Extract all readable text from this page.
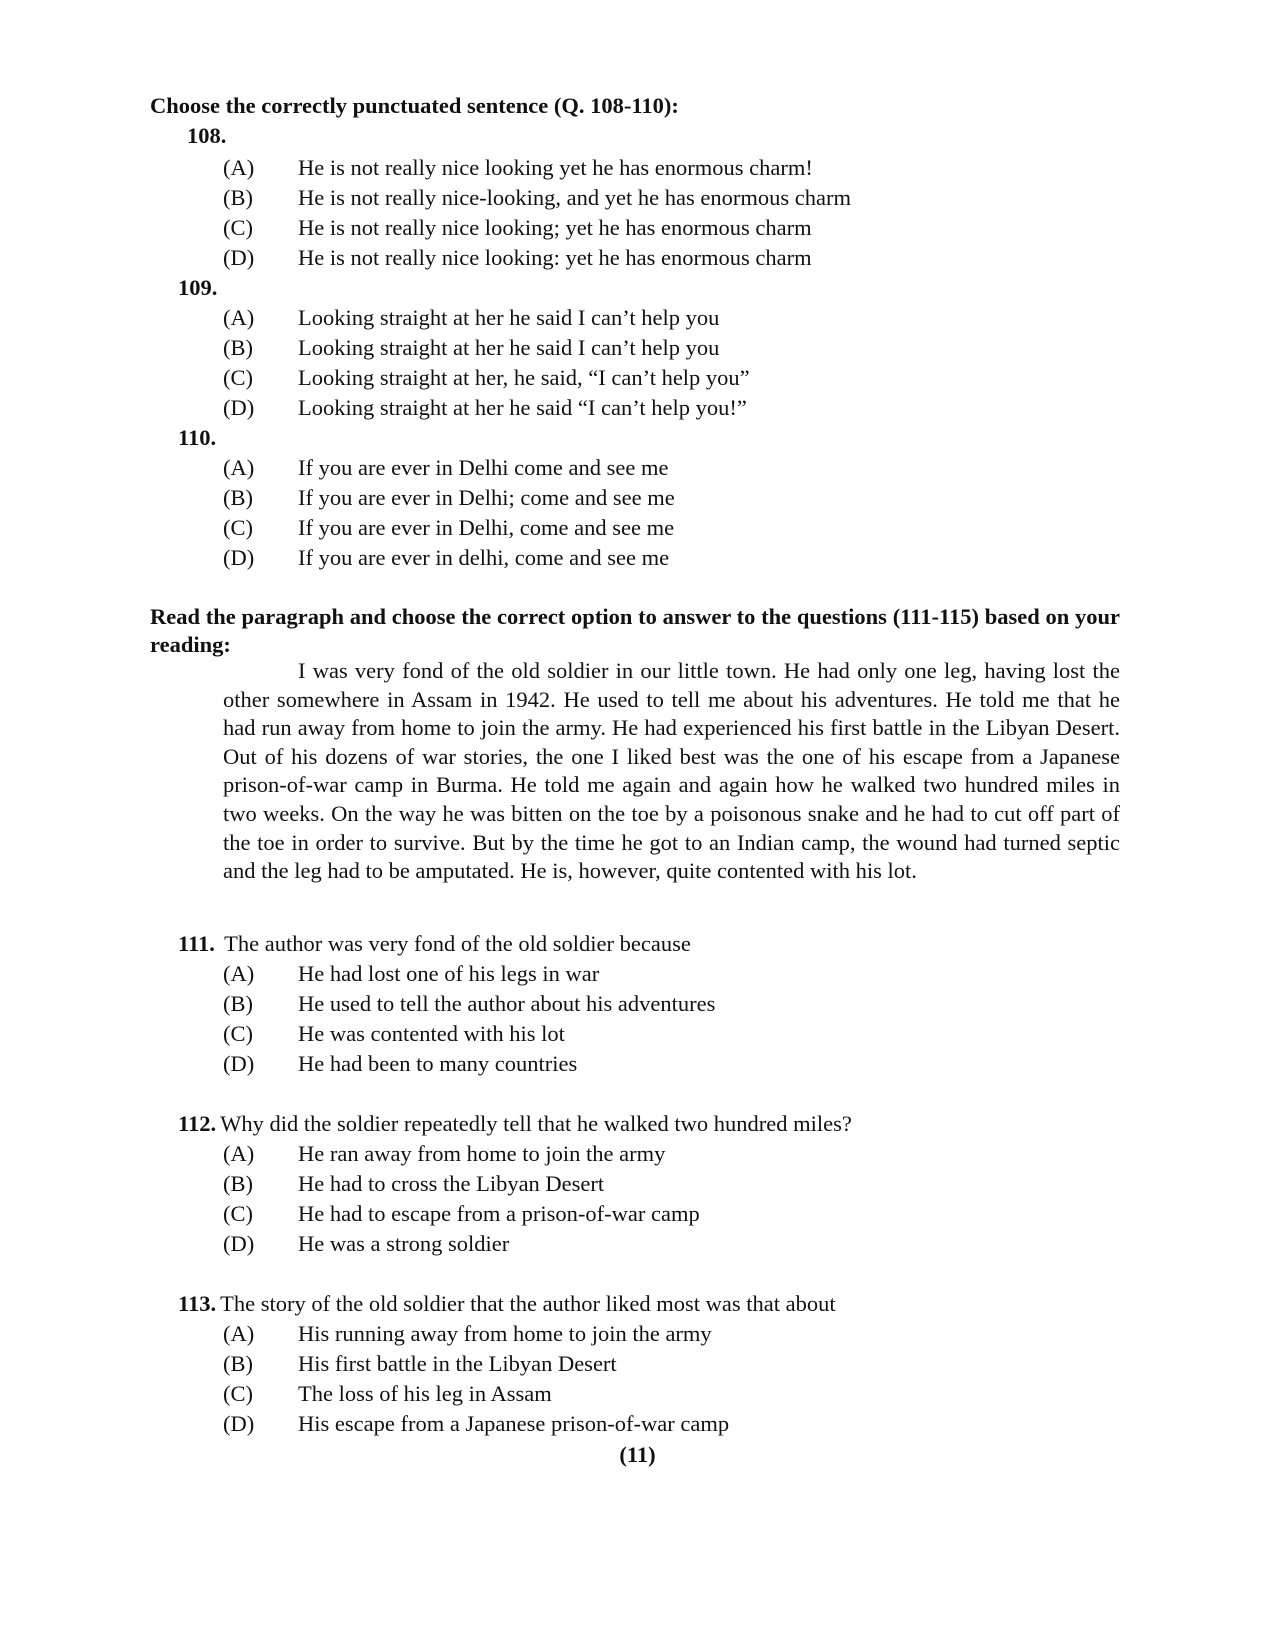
Choose the correctly punctuated sentence (Q. 108-110):
108.
(A) He is not really nice looking yet he has enormous charm!
(B) He is not really nice-looking, and yet he has enormous charm
(C) He is not really nice looking; yet he has enormous charm
(D) He is not really nice looking: yet he has enormous charm
109.
(A) Looking straight at her he said I can’t help you
(B) Looking straight at her he said I can’t help you
(C) Looking straight at her, he said, “I can’t help you”
(D) Looking straight at her he said “I can’t help you!”
110.
(A) If you are ever in Delhi come and see me
(B) If you are ever in Delhi; come and see me
(C) If you are ever in Delhi, come and see me
(D) If you are ever in delhi, come and see me
Read the paragraph and choose the correct option to answer to the questions (111-115) based on your reading:
I was very fond of the old soldier in our little town. He had only one leg, having lost the other somewhere in Assam in 1942. He used to tell me about his adventures. He told me that he had run away from home to join the army. He had experienced his first battle in the Libyan Desert. Out of his dozens of war stories, the one I liked best was the one of his escape from a Japanese prison-of-war camp in Burma. He told me again and again how he walked two hundred miles in two weeks. On the way he was bitten on the toe by a poisonous snake and he had to cut off part of the toe in order to survive. But by the time he got to an Indian camp, the wound had turned septic and the leg had to be amputated. He is, however, quite contented with his lot.
111. The author was very fond of the old soldier because
(A) He had lost one of his legs in war
(B) He used to tell the author about his adventures
(C) He was contented with his lot
(D) He had been to many countries
112. Why did the soldier repeatedly tell that he walked two hundred miles?
(A) He ran away from home to join the army
(B) He had to cross the Libyan Desert
(C) He had to escape from a prison-of-war camp
(D) He was a strong soldier
113. The story of the old soldier that the author liked most was that about
(A) His running away from home to join the army
(B) His first battle in the Libyan Desert
(C) The loss of his leg in Assam
(D) His escape from a Japanese prison-of-war camp
(11)
